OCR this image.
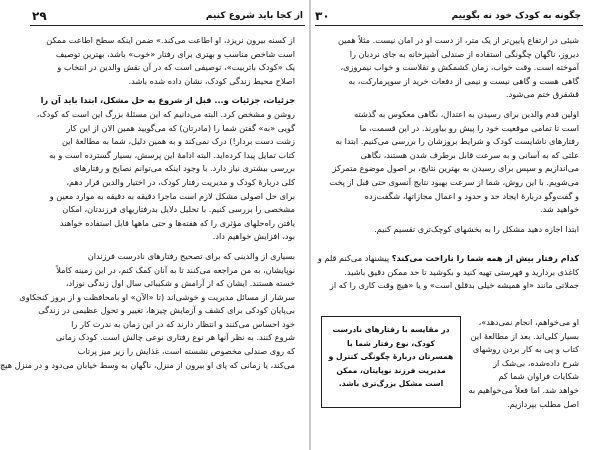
۲۹	از کجا باید شروع کنیم
از کسنه بیرون نریزد، او اطاعت می‌کند.» ضمن اینکه سطح اطاعت ممکن
است شاخص مناسب و بهتری برای رفتار «خوب» باشد، بهترین توصیف
یک «کودک باتربیت»، توصیفی است که در آن نقش والدین در انتخاب و
اصلاح محیط زندگی کودک، نشان داده شده باشد.
جزئیات، جزئیات و... قبل از شروع به حل مشکل، ابتدا باید آن را
روشن و مشخص کرد. البته می‌دانیم که این مسئلهٔ بزرگ این است که کودک،
گویی «به» گفتن شما را (مادرتان) که می‌گویید همین الان از این کار
زشت دست بردار!) درک نمی‌کند و به همین دلیل، شما به مطالعهٔ این
کتاب تمایل پیدا کرده‌اید. البته ادامهٔ این پرسش، بسیار گسترده است و به
بررسی بیشتری نیاز دارد. با وجود اینکه می‌توانم نصایح و رفتارهای
کلی دربارهٔ کودک و مدیریت رفتار کودک، در اختیار والدین قرار دهم،
برای حل اصولی مشکل لازم است ماجرا دقیقه به دقیقه به موارد معین و
مشخصی را بررسی کنیم. با تحلیل دلایل بدرفتاریهای فرزندتان، امکان
یافتن راه‌حلهای مؤثری را که هفته‌ها و حتی ماهها قابل استفاده خواهند
بود، افزایش خواهیم داد.
بسیاری از والدینی که برای تصحیح رفتارهای نادرست فرزندان
نوپایشان، به من مراجعه می‌کنند تا به آنان کمک کنم، در این زمینه کاملاً
خسته هستند. ایشان که از آرامش و شکیبائی سال اول زندگی نوزاد،
سرشار از مسائل مدیریت و خوشی‌اند (تا «الآن» او بامحافظت و از بروز کنجکاوی
بی‌پایان کودکی برای کشف و آزمایش چیزها، تغییر و تحول عظیمی در زندگی
خود احساس می‌کنند و انتظار دارند که در این زمان به ندرت کار را
شروع کنند. به نظر آنها هر نوع رفتاری نوعی چالش است. کودک زمانی
که روی صندلی مخصوص نشسته است، غذایش را زیر میز پرتاب
می‌کند، یا زمانی که پای او بیرون از منزل، ناگهان به وسط خیابان می‌دود و در منزل هیچ
۳۰	چگونه به کودک خود نه بگوییم
شیئی در ارتفاع پایین‌تر از یک متر، از دست او در امان نیست. مثلاً همین
دیروز، ناگهان چگونگی استفاده از صندلی آشپزخانه به جای نردبان را
آموخته است. وقت خواب، زمان کشمکش و تقلاست و خواب نیمروزی،
گاهی هست و گاهی نیست و نیمی از دفعات خرید از سوپرمارکت، به
قشقرق ختم می‌شود.
اولین قدم والدین برای رسیدن به اعتدال، نگاهی معکوس به گذشته
است تا تمامی موقعیت خود را پیش رو بیاورند. در این قسمت، ما
رفتارهای ناشایست کودک و شرایط بروزشان را بررسی می‌کنیم. ابتدا به
علتی که به آسانی و به سرعت قابل برطرف شدن هستند، نگاهی
می‌اندازیم و سپس برای رسیدن به بهترین نتایج، بر اصول موضوع متمرکز
می‌شویم. با این روش، شما از سرعت بهبود نتایج آنسوی حتی قبل از پخت
و گفت‌وگو دربارهٔ ایجاد حد و حدود و اعمال مجازاتها، شگفت‌زده
خواهید شد.
ابتدا اجازه دهید مشکل را به بخشهای کوچک‌تری تقسیم کنیم.
کدام رفتار بیش از همه شما را ناراحت می‌کند؟ پیشنهاد می‌کنم قلم و
کاغذی بردارید و فهرستی تهیه کنید و بکوشید تا حد ممکن دقیق باشید.
جملاتی مانند «او همیشه خیلی بدقلق است» و یا «هیچ وقت کاری را که از
در مقایسه با رفتارهای نادرست
کودک، نوع رفتار شما با
همسرتان دربارهٔ چگونگی کنترل و
مدیریت فرزند نوپایتان، ممکن
است مشکل بزرگ‌تری باشد.
او می‌خواهم، انجام نمی‌دهد»،
بسیار کلی‌اند. بعد از مطالعهٔ این
کتاب و پی به کار بردن روشهای
شرح داده‌شده، بی‌شک از
شکایات فراوان شما کم
خواهد شد. اما فعلاً می‌خواهیم به
اصل مطلب بپردازیم.
